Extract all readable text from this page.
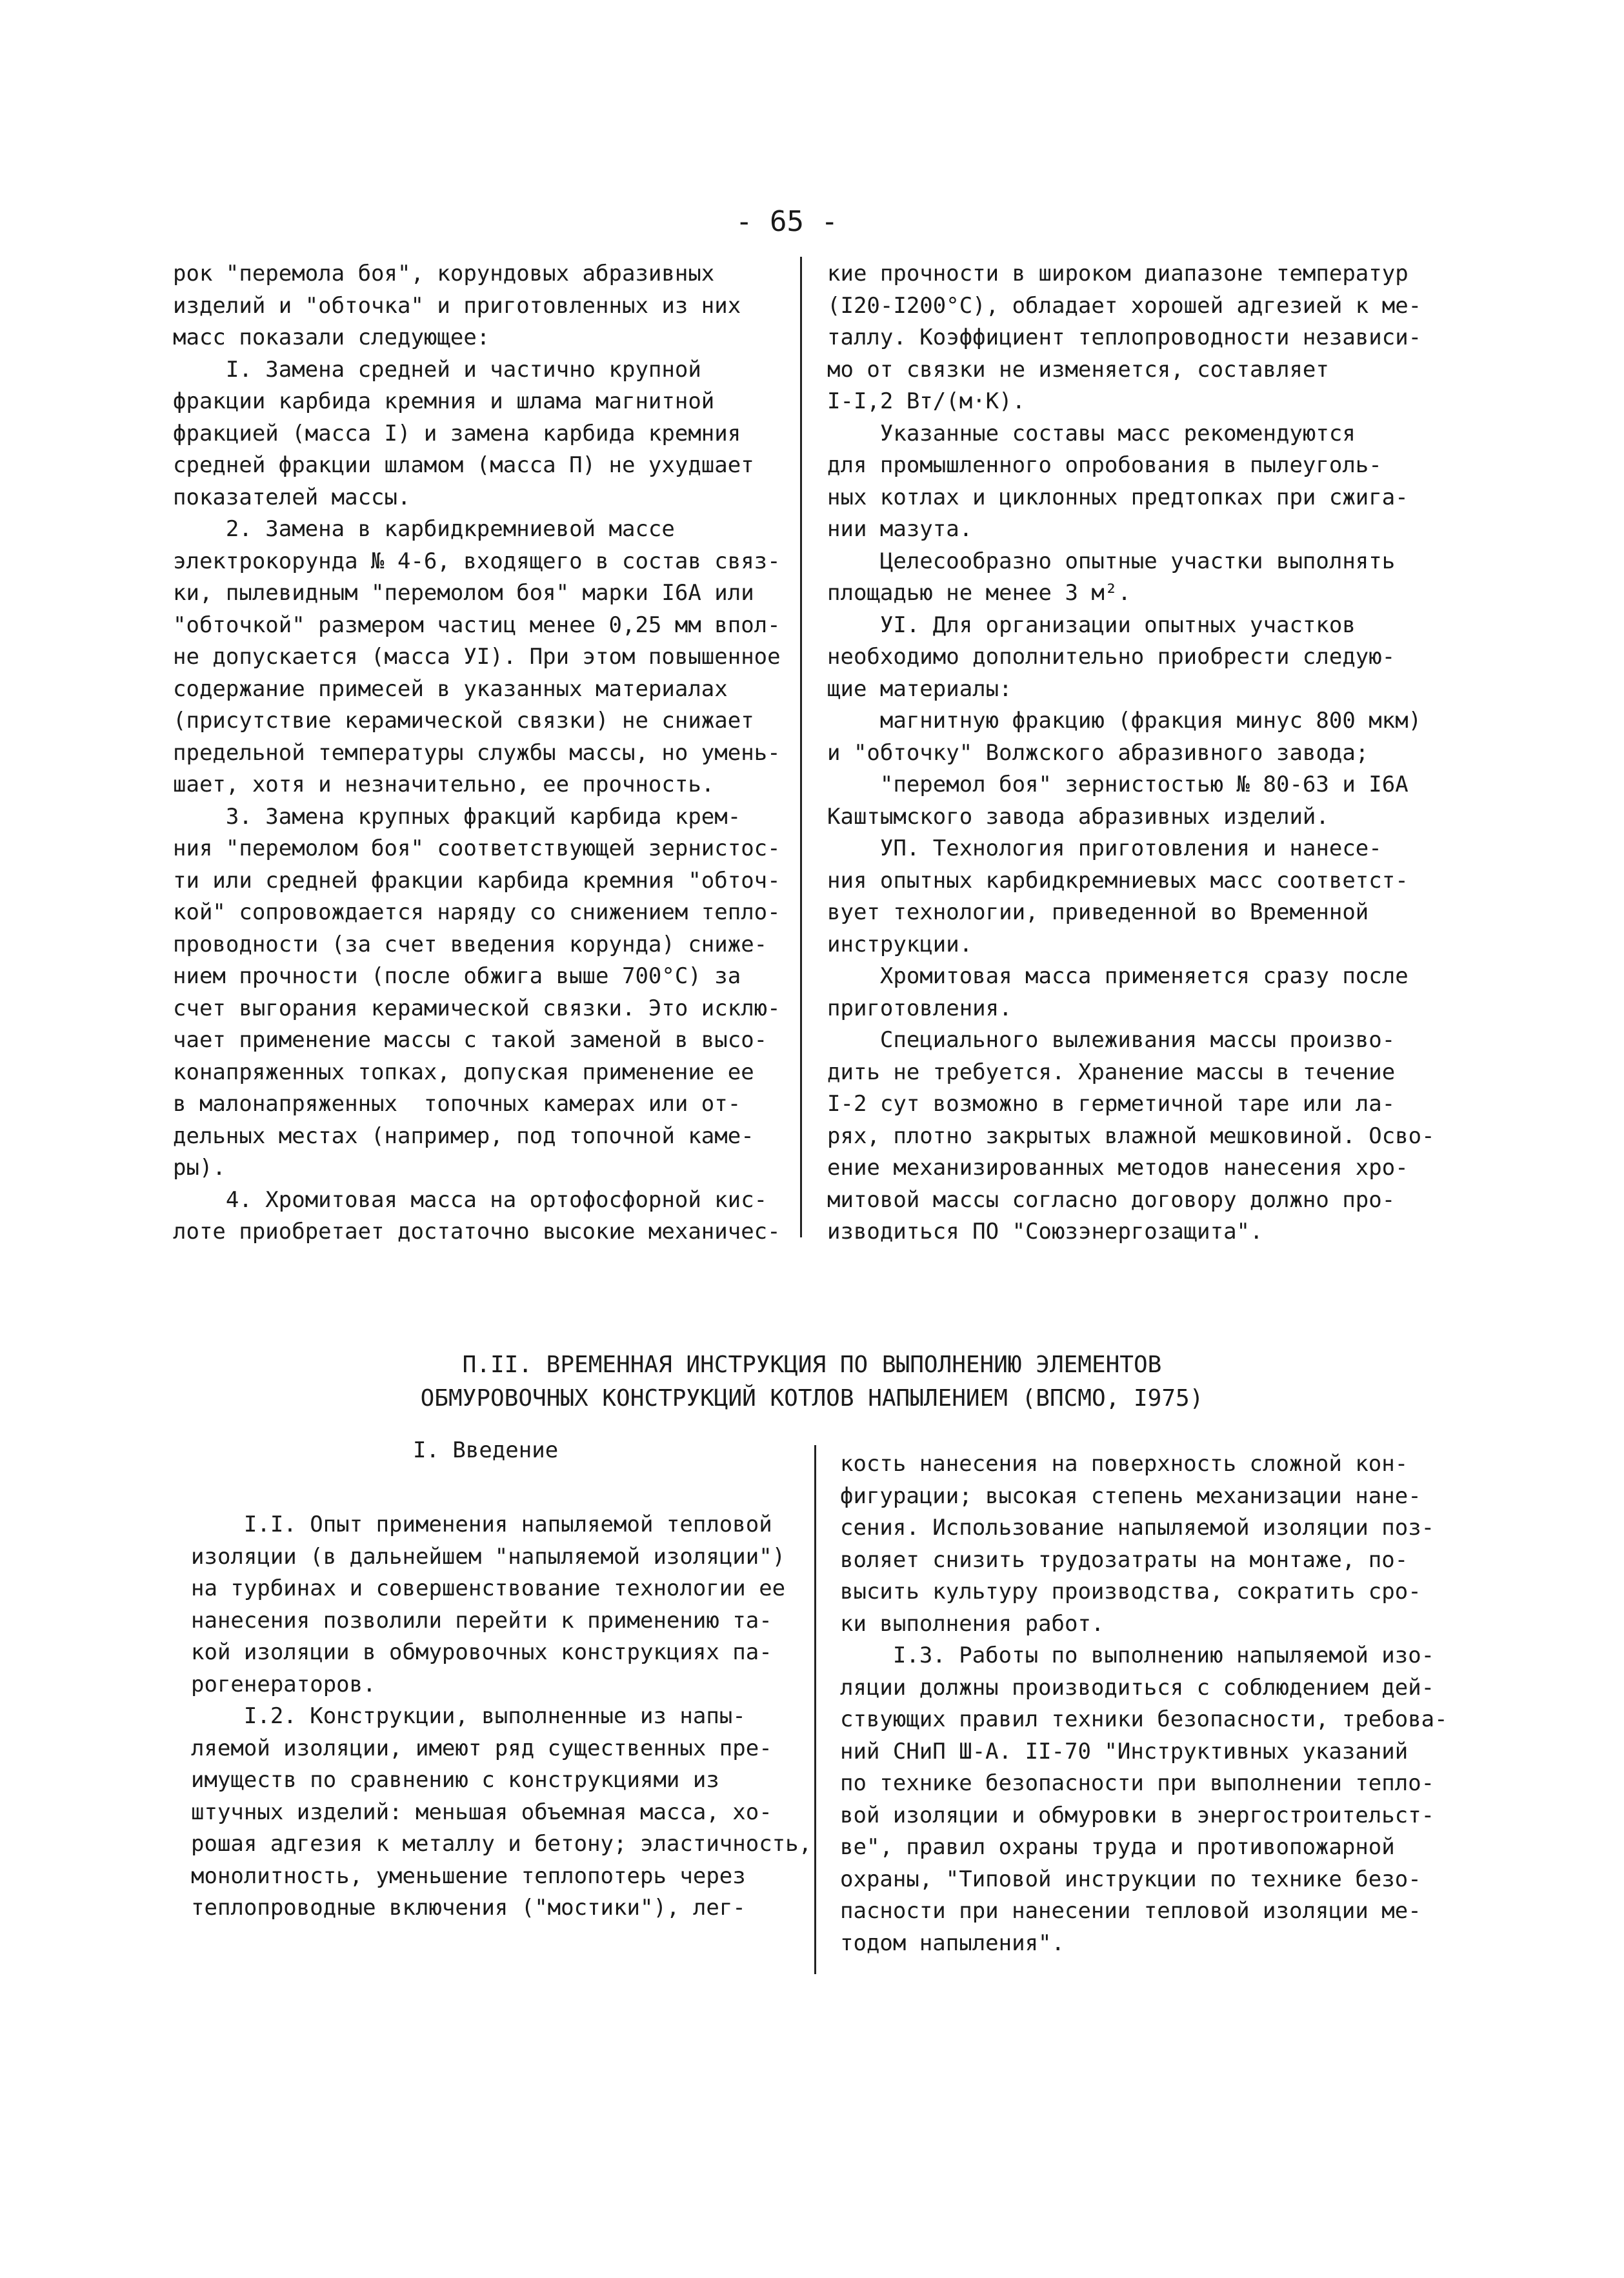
- 65 -

рок "перемола боя", корундовых абразивных

изделий и "обточка" и приготовленных из них

масс показали следующее:

I. Замена средней и частично крупной

фракции карбида кремния и шлама магнитной

фракцией (масса I) и замена карбида кремния

средней фракции шламом (масса П) не ухудшает

показателей массы.

2. Замена в карбидкремниевой массе

электрокорунда № 4-6, входящего в состав связ-

ки, пылевидным "перемолом боя" марки I6A или

"обточкой" размером частиц менее 0,25 мм впол-

не допускается (масса УI). При этом повышенное

содержание примесей в указанных материалах

(присутствие керамической связки) не снижает

предельной температуры службы массы, но умень-

шает, хотя и незначительно, ее прочность.

3. Замена крупных фракций карбида крем-

ния "перемолом боя" соответствующей зернистос-

ти или средней фракции карбида кремния "обточ-

кой" сопровождается наряду со снижением тепло-

проводности (за счет введения корунда) сниже-

нием прочности (после обжига выше 700°С) за

счет выгорания керамической связки. Это исклю-

чает применение массы с такой заменой в высо-

конапряженных топках, допуская применение ее

в малонапряженных  топочных камерах или от-

дельных местах (например, под топочной каме-

ры).

4. Хромитовая масса на ортофосфорной кис-

лоте приобретает достаточно высокие механичес-

кие прочности в широком диапазоне температур

(I20-I200°С), обладает хорошей адгезией к ме-

таллу. Коэффициент теплопроводности независи-

мо от связки не изменяется, составляет

I-I,2 Вт/(м·К).

Указанные составы масс рекомендуются

для промышленного опробования в пылеуголь-

ных котлах и циклонных предтопках при сжига-

нии мазута.

Целесообразно опытные участки выполнять

площадью не менее 3 м².

УI. Для организации опытных участков

необходимо дополнительно приобрести следую-

щие материалы:

магнитную фракцию (фракция минус 800 мкм)

и "обточку" Волжского абразивного завода;

"перемол боя" зернистостью № 80-63 и I6A

Каштымского завода абразивных изделий.

УП. Технология приготовления и нанесе-

ния опытных карбидкремниевых масс соответст-

вует технологии, приведенной во Временной

инструкции.

Хромитовая масса применяется сразу после

приготовления.

Специального вылеживания массы произво-

дить не требуется. Хранение массы в течение

I-2 сут возможно в герметичной таре или ла-

рях, плотно закрытых влажной мешковиной. Осво-

ение механизированных методов нанесения хро-

митовой массы согласно договору должно про-

изводиться ПО "Союзэнергозащита".

П.II. ВРЕМЕННАЯ ИНСТРУКЦИЯ ПО ВЫПОЛНЕНИЮ ЭЛЕМЕНТОВ
ОБМУРОВОЧНЫХ КОНСТРУКЦИЙ КОТЛОВ НАПЫЛЕНИЕМ (ВПСМО, I975)
I. Введение

I.I. Опыт применения напыляемой тепловой

изоляции (в дальнейшем "напыляемой изоляции")

на турбинах и совершенствование технологии ее

нанесения позволили перейти к применению та-

кой изоляции в обмуровочных конструкциях па-

рогенераторов.

I.2. Конструкции, выполненные из напы-

ляемой изоляции, имеют ряд существенных пре-

имуществ по сравнению с конструкциями из

штучных изделий: меньшая объемная масса, хо-

рошая адгезия к металлу и бетону; эластичность,

монолитность, уменьшение теплопотерь через

теплопроводные включения ("мостики"), лег-

кость нанесения на поверхность сложной кон-

фигурации; высокая степень механизации нане-

сения. Использование напыляемой изоляции поз-

воляет снизить трудозатраты на монтаже, по-

высить культуру производства, сократить сро-

ки выполнения работ.

I.3. Работы по выполнению напыляемой изо-

ляции должны производиться с соблюдением дей-

ствующих правил техники безопасности, требова-

ний СНиП Ш-А. II-70 "Инструктивных указаний

по технике безопасности при выполнении тепло-

вой изоляции и обмуровки в энергостроительст-

ве", правил охраны труда и противопожарной

охраны, "Типовой инструкции по технике безо-

пасности при нанесении тепловой изоляции ме-

тодом напыления".
